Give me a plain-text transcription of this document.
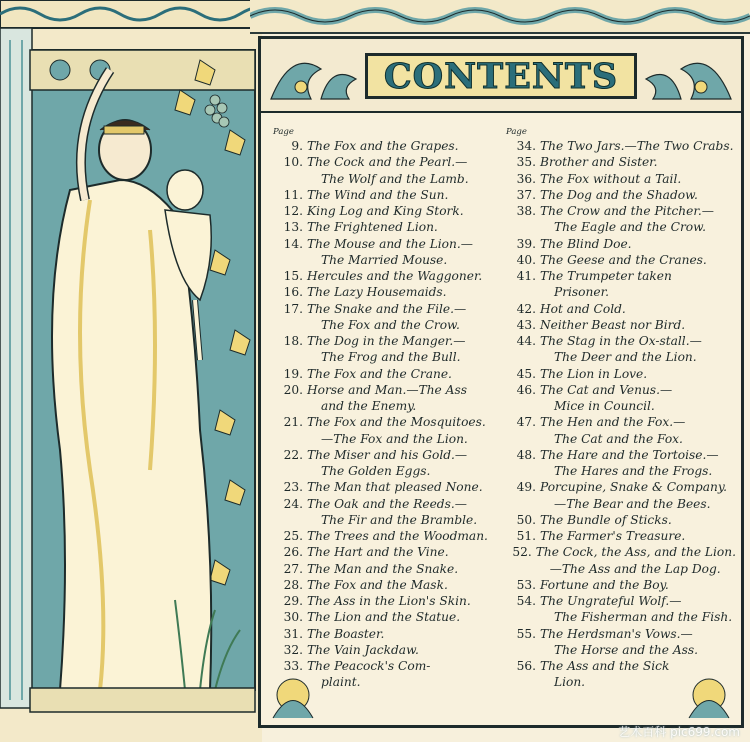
CONTENTS
Page
9. The Fox and the Grapes.
10. The Cock and the Pearl.—
The Wolf and the Lamb.
11. The Wind and the Sun.
12. King Log and King Stork.
13. The Frightened Lion.
14. The Mouse and the Lion.—
The Married Mouse.
15. Hercules and the Waggoner.
16. The Lazy Housemaids.
17. The Snake and the File.—
The Fox and the Crow.
18. The Dog in the Manger.—
The Frog and the Bull.
19. The Fox and the Crane.
20. Horse and Man.—The Ass
and the Enemy.
21. The Fox and the Mosquitoes.
—The Fox and the Lion.
22. The Miser and his Gold.—
The Golden Eggs.
23. The Man that pleased None.
24. The Oak and the Reeds.—
The Fir and the Bramble.
25. The Trees and the Woodman.
26. The Hart and the Vine.
27. The Man and the Snake.
28. The Fox and the Mask.
29. The Ass in the Lion's Skin.
30. The Lion and the Statue.
31. The Boaster.
32. The Vain Jackdaw.
33. The Peacock's Com-
plaint.
Page
34. The Two Jars.—The Two Crabs.
35. Brother and Sister.
36. The Fox without a Tail.
37. The Dog and the Shadow.
38. The Crow and the Pitcher.—
The Eagle and the Crow.
39. The Blind Doe.
40. The Geese and the Cranes.
41. The Trumpeter taken
Prisoner.
42. Hot and Cold.
43. Neither Beast nor Bird.
44. The Stag in the Ox-stall.—
The Deer and the Lion.
45. The Lion in Love.
46. The Cat and Venus.—
Mice in Council.
47. The Hen and the Fox.—
The Cat and the Fox.
48. The Hare and the Tortoise.—
The Hares and the Frogs.
49. Porcupine, Snake & Company.
—The Bear and the Bees.
50. The Bundle of Sticks.
51. The Farmer's Treasure.
52. The Cock, the Ass, and the Lion.
—The Ass and the Lap Dog.
53. Fortune and the Boy.
54. The Ungrateful Wolf.—
The Fisherman and the Fish.
55. The Herdsman's Vows.—
The Horse and the Ass.
56. The Ass and the Sick
Lion.
艺术百科 pic699.com
